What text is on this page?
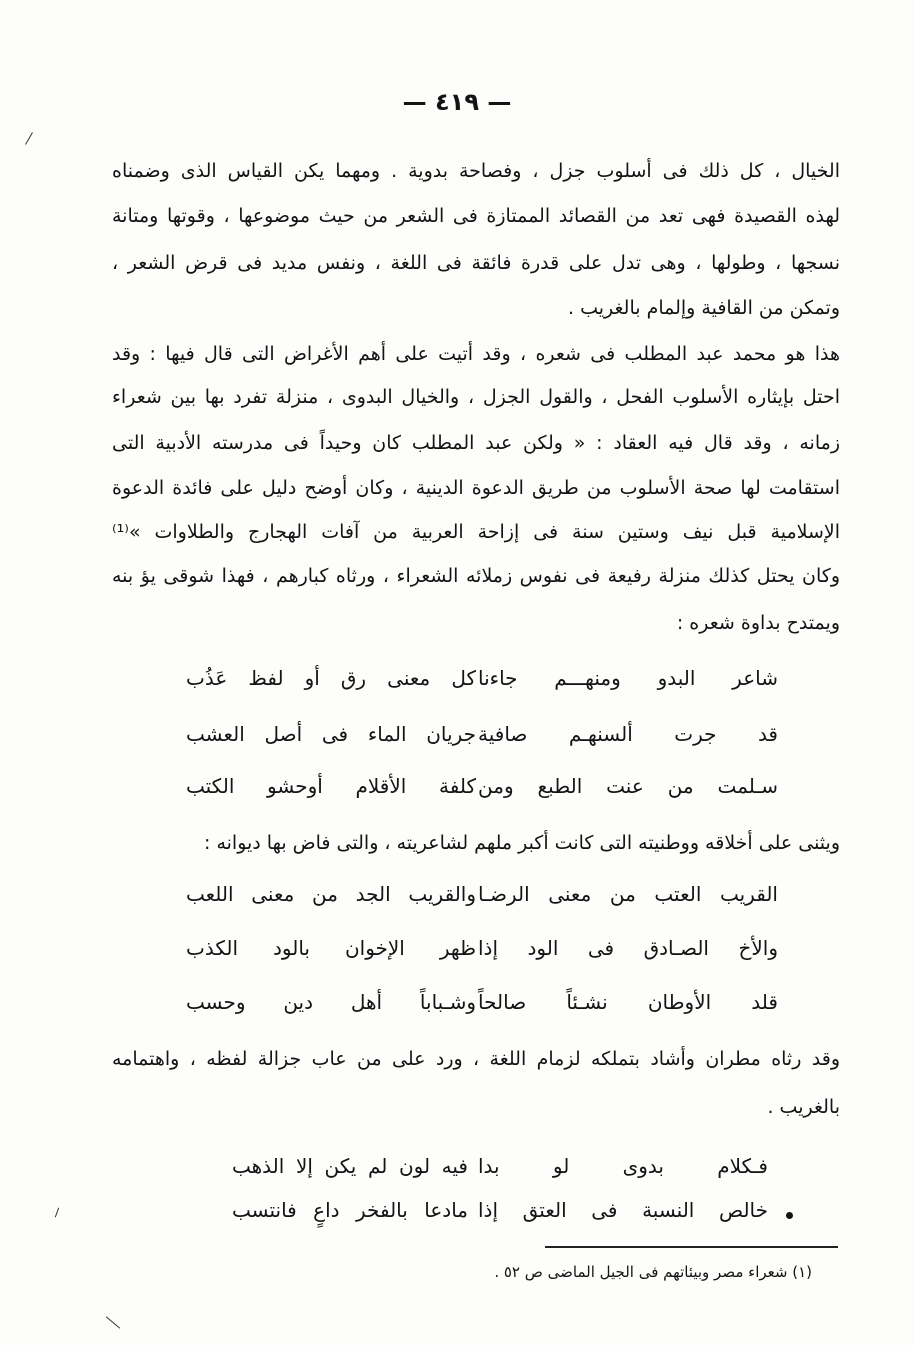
— ٤١٩ —
الخيال ، كل ذلك فى أسلوب جزل ، وفصاحة بدوية . ومهما يكن القياس الذى وضمناه
لهذه القصيدة فهى تعد من القصائد الممتازة فى الشعر من حيث موضوعها ، وقوتها ومتانة
نسجها ، وطولها ، وهى تدل على قدرة فائقة فى اللغة ، ونفس مديد فى قرض الشعر ،
وتمكن من القافية وإلمام بالغريب .
هذا هو محمد عبد المطلب فى شعره ، وقد أتيت على أهم الأغراض التى قال فيها : وقد
احتل بإيثاره الأسلوب الفحل ، والقول الجزل ، والخيال البدوى ، منزلة تفرد بها بين شعراء
زمانه ، وقد قال فيه العقاد : « ولكن عبد المطلب كان وحيداً فى مدرسته الأدبية التى
استقامت لها صحة الأسلوب من طريق الدعوة الدينية ، وكان أوضح دليل على فائدة الدعوة
الإسلامية قبل نيف وستين سنة فى إزاحة العربية من آفات الهجارج والطلاوات »⁽¹⁾
وكان يحتل كذلك منزلة رفيعة فى نفوس زملائه الشعراء ، ورثاه كبارهم ، فهذا شوقى يؤ بنه
ويمتدح بداوة شعره :
شاعر البدو ومنهـــم جاءنا
كل معنى رق أو لفظ عَذُب
قد جرت ألسنهـم صافية
جريان الماء فى أصل العشب
سـلمت من عنت الطبع ومن
كلفة الأقلام أوحشو الكتب
ويثنى على أخلاقه ووطنيته التى كانت أكبر ملهم لشاعريته ، والتى فاض بها ديوانه :
القريب العتب من معنى الرضـا
والقريب الجد من معنى اللعب
والأخ الصـادق فى الود إذا
ظهر الإخوان بالود الكذب
قلد الأوطان نشـئاً صالحاً
وشـباباً أهل دين وحسب
وقد رثاه مطران وأشاد بتملكه لزمام اللغة ، ورد على من عاب جزالة لفظه ، واهتمامه
بالغريب .
فـكلام بدوى لو بدا
فيه لون لم يكن إلا الذهب
خالص النسبة فى العتق إذا
مادعا بالفخر داعٍ فانتسب
(١) شعراء مصر وبيئاتهم فى الجيل الماضى ص ٥٢ .
